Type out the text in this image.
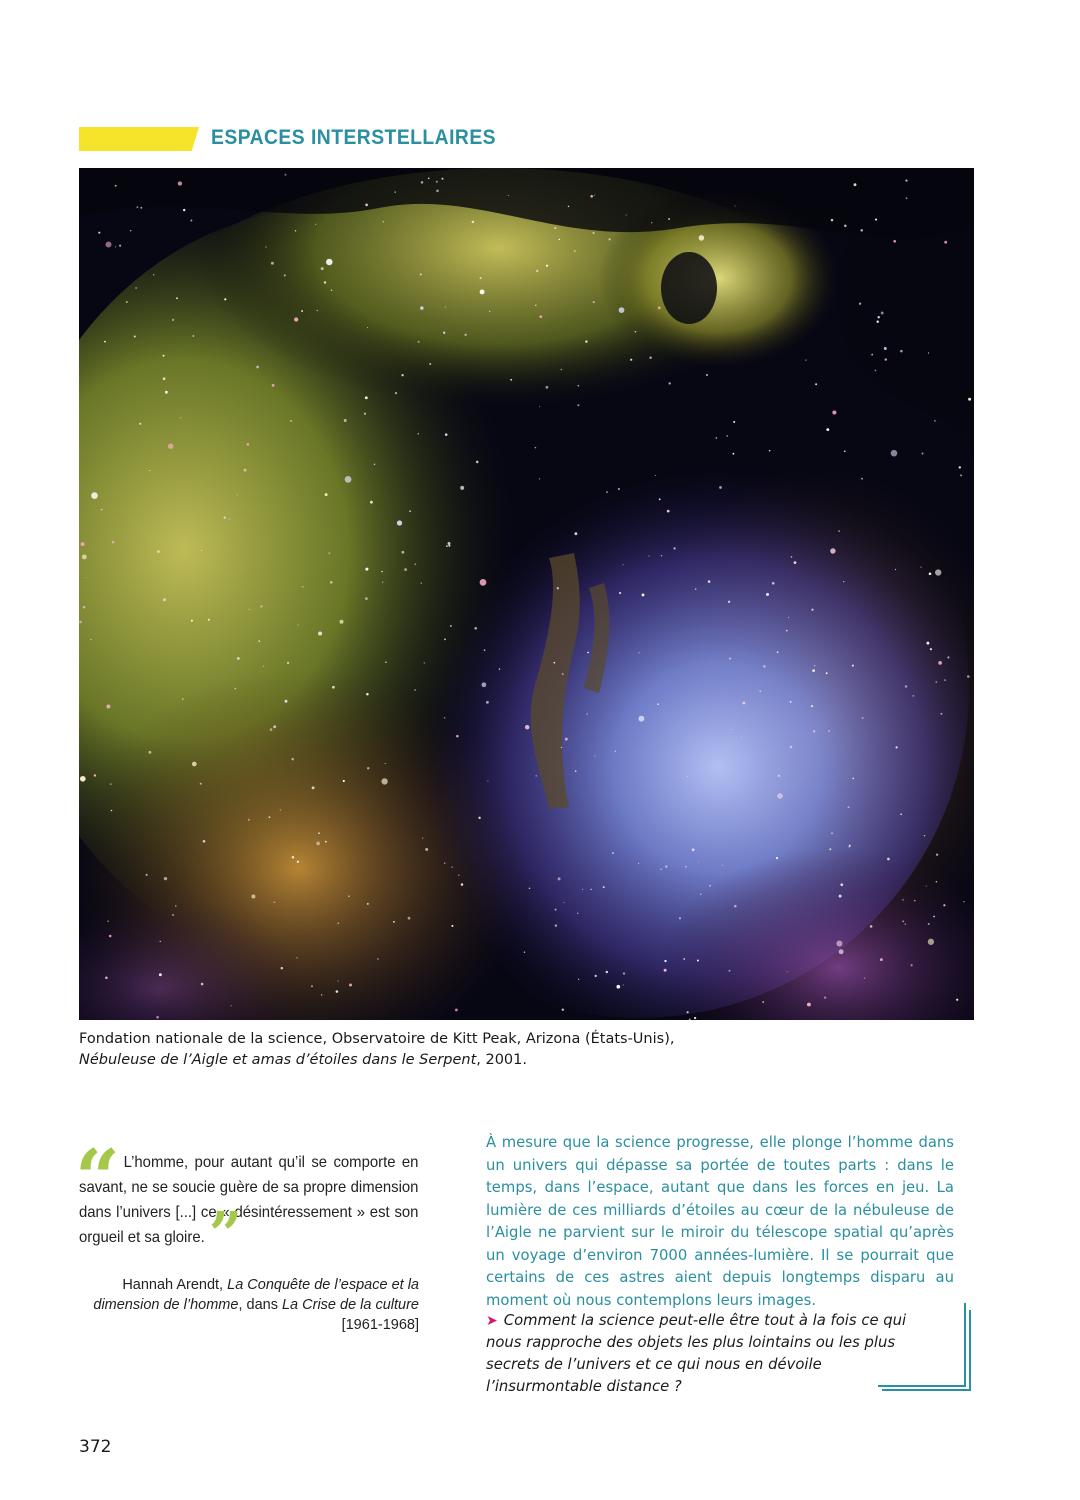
ESPACES INTERSTELLAIRES
Fondation nationale de la science, Observatoire de Kitt Peak, Arizona (États-Unis),
Nébuleuse de l’Aigle et amas d’étoiles dans le Serpent, 2001.
“ L’homme, pour autant qu’il se comporte en savant, ne se soucie guère de sa propre dimension dans l’univers [...] ce « désintéressement » est son orgueil et sa gloire. ”
Hannah Arendt, La Conquête de l’espace et la dimension de l’homme, dans La Crise de la culture
[1961-1968]
À mesure que la science progresse, elle plonge l’homme dans un univers qui dépasse sa portée de toutes parts : dans le temps, dans l’espace, autant que dans les forces en jeu. La lumière de ces milliards d’étoiles au cœur de la nébuleuse de l’Aigle ne parvient sur le miroir du télescope spatial qu’après un voyage d’environ 7000 années-lumière. Il se pourrait que certains de ces astres aient depuis longtemps disparu au moment où nous contemplons leurs images.
➤ Comment la science peut-elle être tout à la fois ce qui nous rapproche des objets les plus lointains ou les plus secrets de l’univers et ce qui nous en dévoile l’insurmontable distance ?
372
